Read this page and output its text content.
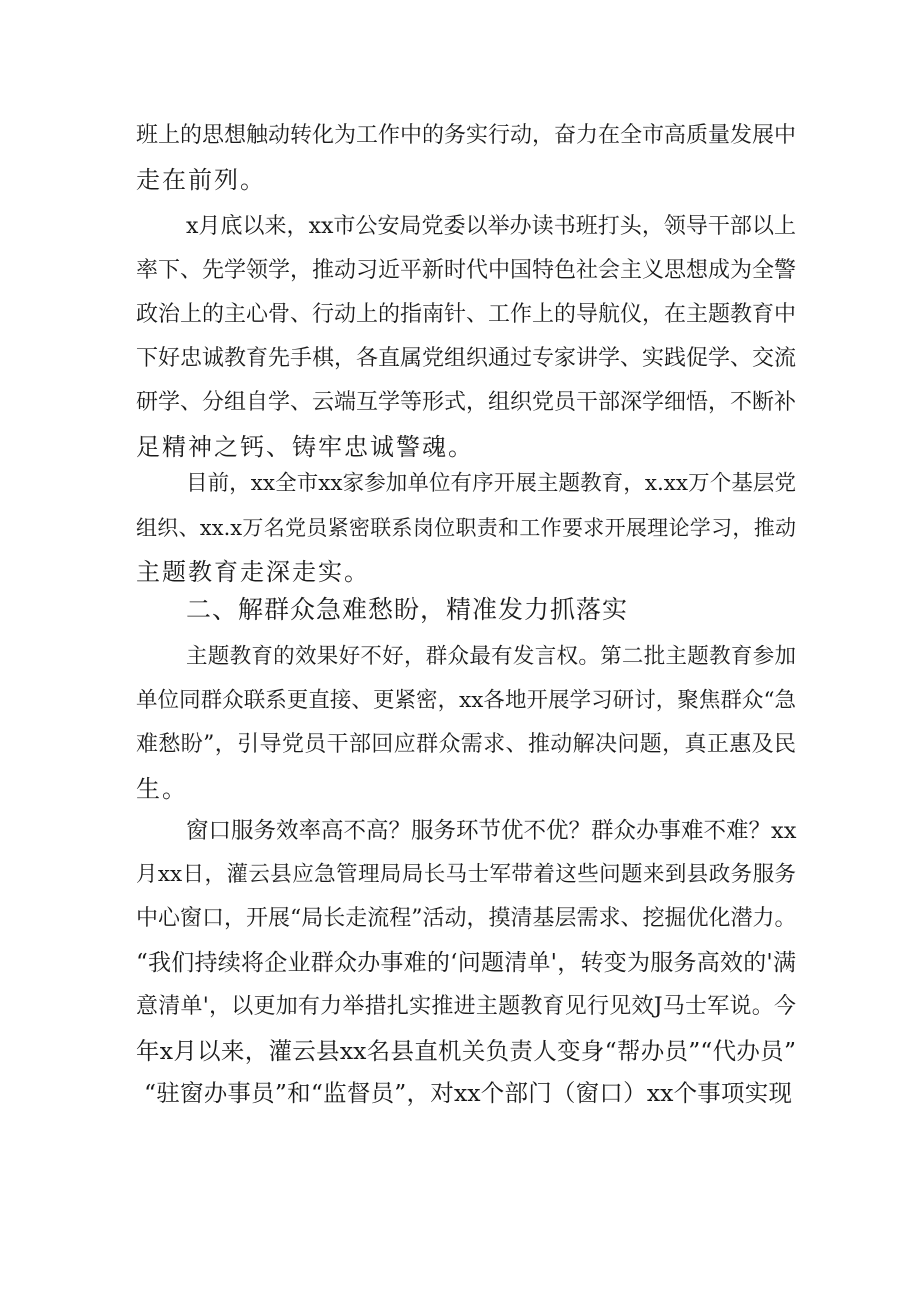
班上的思想触动转化为工作中的务实行动，奋力在全市高质量发展中
走在前列。
x月底以来，xx市公安局党委以举办读书班打头，领导干部以上
率下、先学领学，推动习近平新时代中国特色社会主义思想成为全警
政治上的主心骨、行动上的指南针、工作上的导航仪，在主题教育中
下好忠诚教育先手棋，各直属党组织通过专家讲学、实践促学、交流
研学、分组自学、云端互学等形式，组织党员干部深学细悟，不断补
足精神之钙、铸牢忠诚警魂。
目前，xx全市xx家参加单位有序开展主题教育，x.xx万个基层党
组织、xx.x万名党员紧密联系岗位职责和工作要求开展理论学习，推动
主题教育走深走实。
二、解群众急难愁盼，精准发力抓落实
主题教育的效果好不好，群众最有发言权。第二批主题教育参加
单位同群众联系更直接、更紧密，xx各地开展学习研讨，聚焦群众“急
难愁盼”，引导党员干部回应群众需求、推动解决问题，真正惠及民
生。
窗口服务效率高不高？服务环节优不优？群众办事难不难？xx
月xx日，灌云县应急管理局局长马士军带着这些问题来到县政务服务
中心窗口，开展“局长走流程”活动，摸清基层需求、挖掘优化潜力。
“我们持续将企业群众办事难的‘问题清单'，转变为服务高效的'满
意清单'，以更加有力举措扎实推进主题教育见行见效J马士军说。今
年x月以来，灌云县xx名县直机关负责人变身“帮办员”“代办员”
“驻窗办事员”和“监督员”，对xx个部门（窗口）xx个事项实现
